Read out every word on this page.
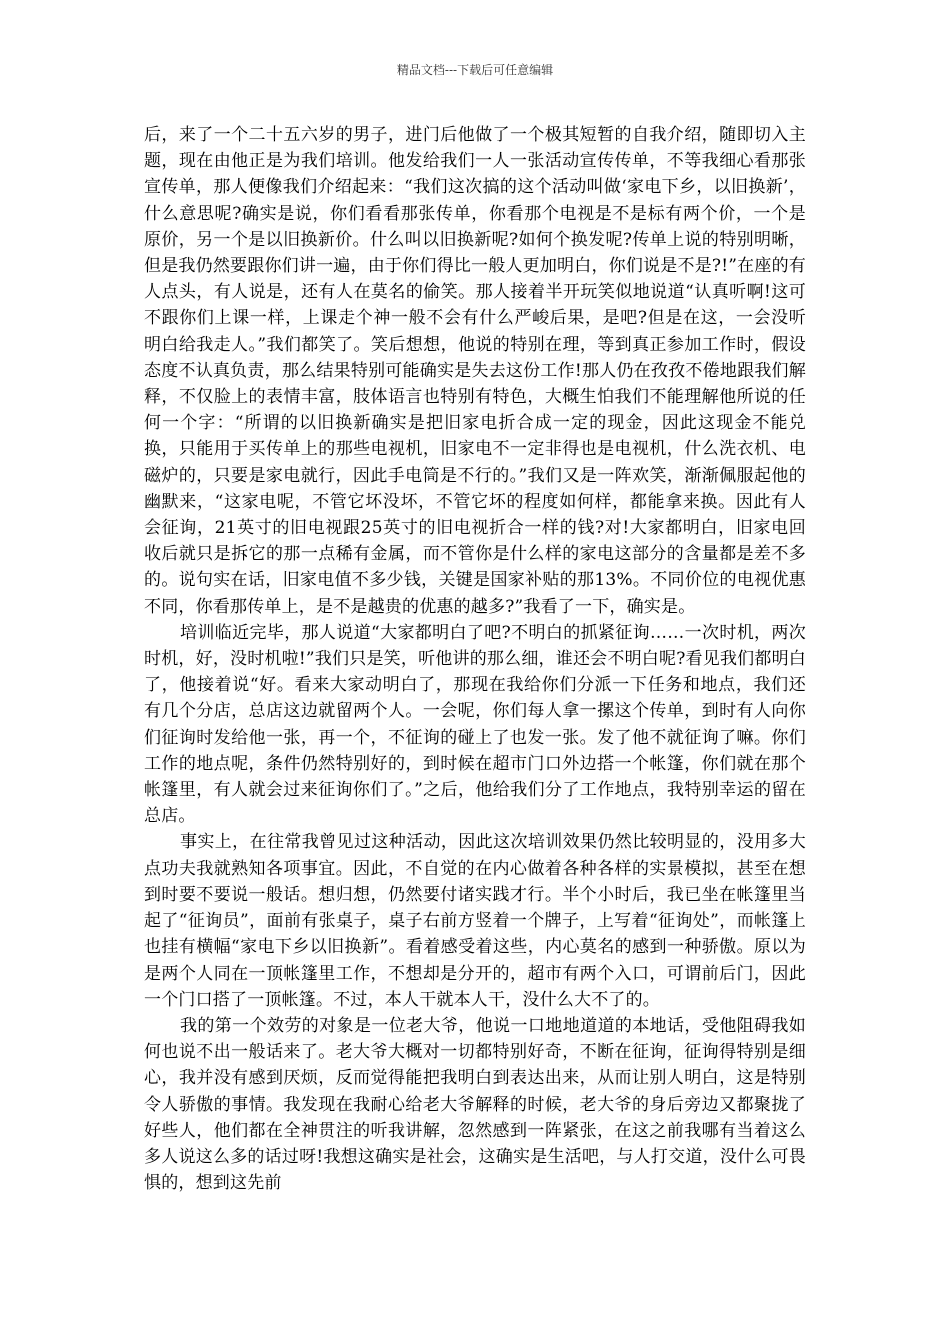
精品文档---下载后可任意编辑

后，来了一个二十五六岁的男子，进门后他做了一个极其短暂的自我介绍，随即切入主题，现在由他正是为我们培训。他发给我们一人一张活动宣传传单，不等我细心看那张宣传单，那人便像我们介绍起来：“我们这次搞的这个活动叫做‘家电下乡，以旧换新’，什么意思呢?确实是说，你们看看那张传单，你看那个电视是不是标有两个价，一个是原价，另一个是以旧换新价。什么叫以旧换新呢?如何个换发呢?传单上说的特别明晰，但是我仍然要跟你们讲一遍，由于你们得比一般人更加明白，你们说是不是?!”在座的有人点头，有人说是，还有人在莫名的偷笑。那人接着半开玩笑似地说道“认真听啊!这可不跟你们上课一样，上课走个神一般不会有什么严峻后果，是吧?但是在这，一会没听明白给我走人。”我们都笑了。笑后想想，他说的特别在理，等到真正参加工作时，假设态度不认真负责，那么结果特别可能确实是失去这份工作!那人仍在孜孜不倦地跟我们解释，不仅脸上的表情丰富，肢体语言也特别有特色，大概生怕我们不能理解他所说的任何一个字：“所谓的以旧换新确实是把旧家电折合成一定的现金，因此这现金不能兑换，只能用于买传单上的那些电视机，旧家电不一定非得也是电视机，什么洗衣机、电磁炉的，只要是家电就行，因此手电筒是不行的。”我们又是一阵欢笑，渐渐佩服起他的幽默来，“这家电呢，不管它坏没坏，不管它坏的程度如何样，都能拿来换。因此有人会征询，21英寸的旧电视跟25英寸的旧电视折合一样的钱?对!大家都明白，旧家电回收后就只是拆它的那一点稀有金属，而不管你是什么样的家电这部分的含量都是差不多的。说句实在话，旧家电值不多少钱，关键是国家补贴的那13%。不同价位的电视优惠不同，你看那传单上，是不是越贵的优惠的越多?”我看了一下，确实是。

培训临近完毕，那人说道“大家都明白了吧?不明白的抓紧征询……一次时机，两次时机，好，没时机啦!”我们只是笑，听他讲的那么细，谁还会不明白呢?看见我们都明白了，他接着说“好。看来大家动明白了，那现在我给你们分派一下任务和地点，我们还有几个分店，总店这边就留两个人。一会呢，你们每人拿一摞这个传单，到时有人向你们征询时发给他一张，再一个，不征询的碰上了也发一张。发了他不就征询了嘛。你们工作的地点呢，条件仍然特别好的，到时候在超市门口外边搭一个帐篷，你们就在那个帐篷里，有人就会过来征询你们了。”之后，他给我们分了工作地点，我特别幸运的留在总店。

事实上，在往常我曾见过这种活动，因此这次培训效果仍然比较明显的，没用多大点功夫我就熟知各项事宜。因此，不自觉的在内心做着各种各样的实景模拟，甚至在想到时要不要说一般话。想归想，仍然要付诸实践才行。半个小时后，我已坐在帐篷里当起了“征询员”，面前有张桌子，桌子右前方竖着一个牌子，上写着“征询处”，而帐篷上也挂有横幅“家电下乡以旧换新”。看着感受着这些，内心莫名的感到一种骄傲。原以为是两个人同在一顶帐篷里工作，不想却是分开的，超市有两个入口，可谓前后门，因此一个门口搭了一顶帐篷。不过，本人干就本人干，没什么大不了的。

我的第一个效劳的对象是一位老大爷，他说一口地地道道的本地话，受他阻碍我如何也说不出一般话来了。老大爷大概对一切都特别好奇，不断在征询，征询得特别是细心，我并没有感到厌烦，反而觉得能把我明白到表达出来，从而让别人明白，这是特别令人骄傲的事情。我发现在我耐心给老大爷解释的时候，老大爷的身后旁边又都聚拢了好些人，他们都在全神贯注的听我讲解，忽然感到一阵紧张，在这之前我哪有当着这么多人说这么多的话过呀!我想这确实是社会，这确实是生活吧，与人打交道，没什么可畏惧的，想到这先前
